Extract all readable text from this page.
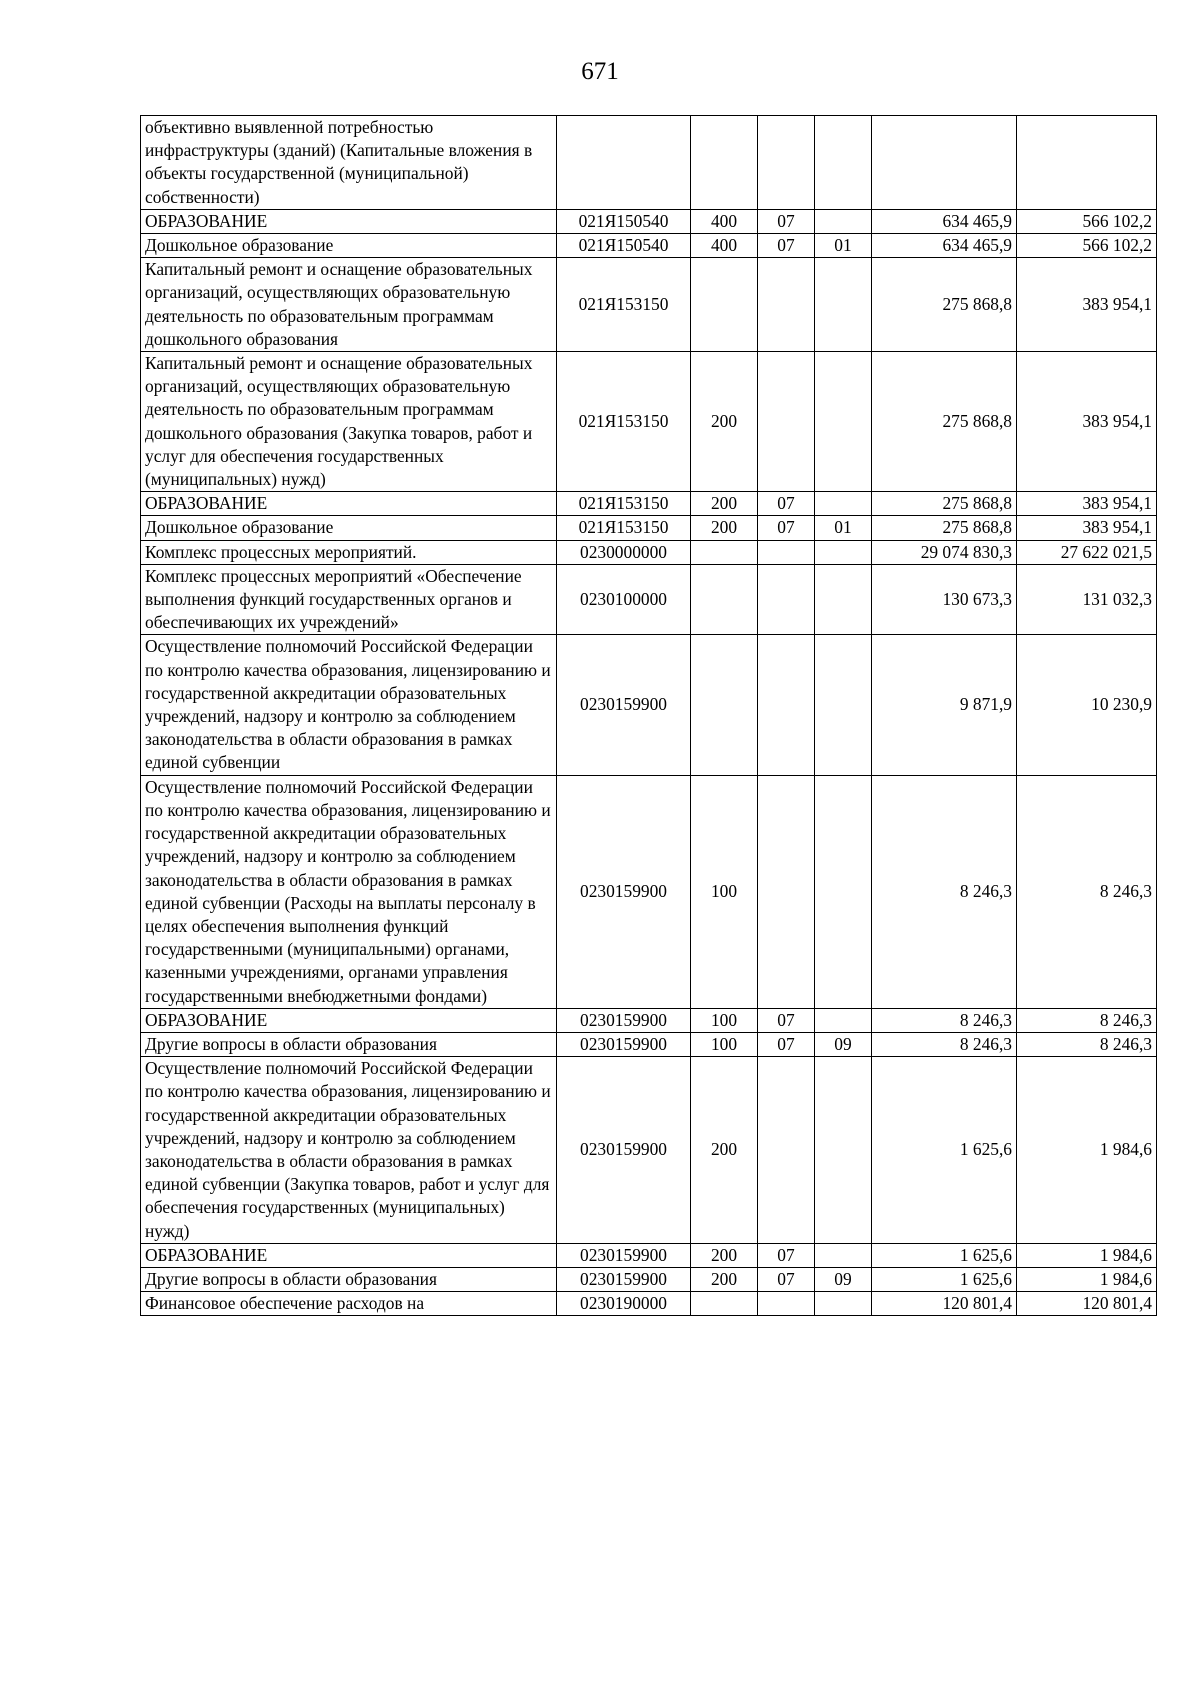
671
объективно выявленной потребностью инфраструктуры (зданий) (Капитальные вложения в объекты государственной (муниципальной) собственности)						
ОБРАЗОВАНИЕ	021Я150540	400	07		634 465,9	566 102,2
Дошкольное образование	021Я150540	400	07	01	634 465,9	566 102,2
Капитальный ремонт и оснащение образовательных организаций, осуществляющих образовательную деятельность по образовательным программам дошкольного образования	021Я153150				275 868,8	383 954,1
Капитальный ремонт и оснащение образовательных организаций, осуществляющих образовательную деятельность по образовательным программам дошкольного образования (Закупка товаров, работ и услуг для обеспечения государственных (муниципальных) нужд)	021Я153150	200			275 868,8	383 954,1
ОБРАЗОВАНИЕ	021Я153150	200	07		275 868,8	383 954,1
Дошкольное образование	021Я153150	200	07	01	275 868,8	383 954,1
Комплекс процессных мероприятий.	0230000000				29 074 830,3	27 622 021,5
Комплекс процессных мероприятий «Обеспечение выполнения функций государственных органов и обеспечивающих их учреждений»	0230100000				130 673,3	131 032,3
Осуществление полномочий Российской Федерации по контролю качества образования, лицензированию и государственной аккредитации образовательных учреждений, надзору и контролю за соблюдением законодательства в области образования в рамках единой субвенции	0230159900				9 871,9	10 230,9
Осуществление полномочий Российской Федерации по контролю качества образования, лицензированию и государственной аккредитации образовательных учреждений, надзору и контролю за соблюдением законодательства в области образования в рамках единой субвенции (Расходы на выплаты персоналу в целях обеспечения выполнения функций государственными (муниципальными) органами, казенными учреждениями, органами управления государственными внебюджетными фондами)	0230159900	100			8 246,3	8 246,3
ОБРАЗОВАНИЕ	0230159900	100	07		8 246,3	8 246,3
Другие вопросы в области образования	0230159900	100	07	09	8 246,3	8 246,3
Осуществление полномочий Российской Федерации по контролю качества образования, лицензированию и государственной аккредитации образовательных учреждений, надзору и контролю за соблюдением законодательства в области образования в рамках единой субвенции (Закупка товаров, работ и услуг для обеспечения государственных (муниципальных) нужд)	0230159900	200			1 625,6	1 984,6
ОБРАЗОВАНИЕ	0230159900	200	07		1 625,6	1 984,6
Другие вопросы в области образования	0230159900	200	07	09	1 625,6	1 984,6
Финансовое обеспечение расходов на	0230190000				120 801,4	120 801,4
